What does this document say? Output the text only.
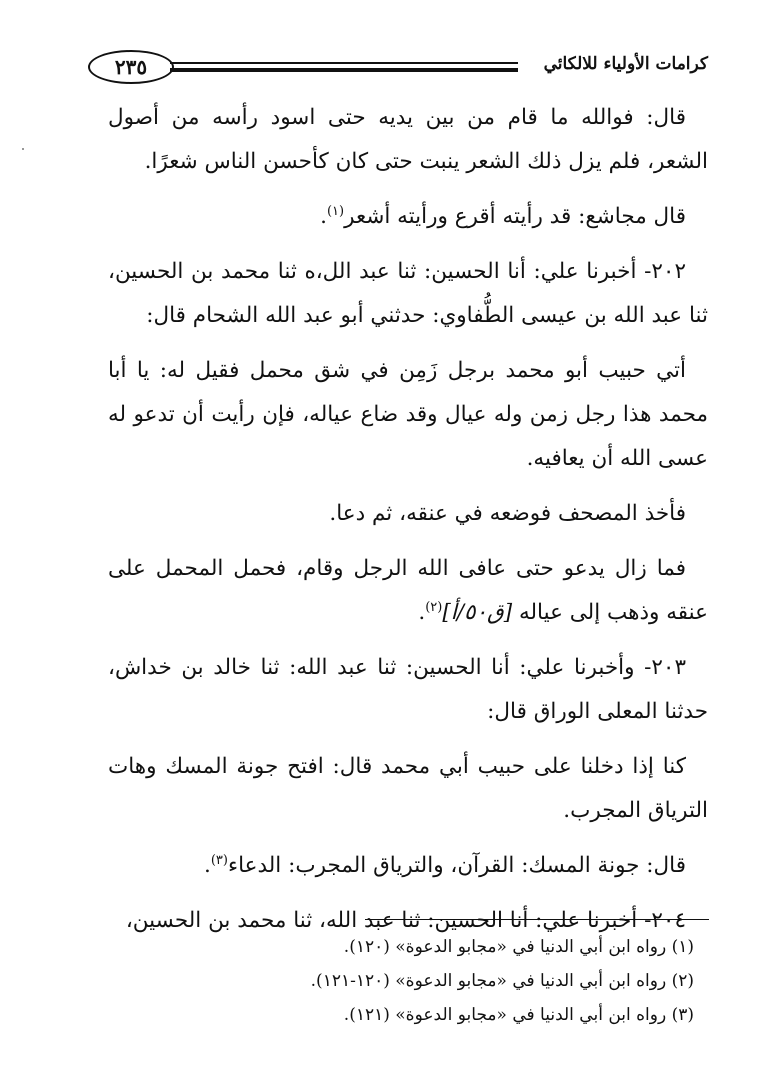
٢٣٥	كرامات الأولياء للالكائي

قال: فوالله ما قام من بين يديه حتى اسود رأسه من أصول الشعر، فلم يزل ذلك الشعر ينبت حتى كان كأحسن الناس شعرًا.

قال مجاشع: قد رأيته أقرع ورأيته أشعر$^{(١)}$.

٢٠٢- أخبرنا علي: أنا الحسين: ثنا عبد الل،ه ثنا محمد بن الحسين، ثنا عبد الله بن عيسى الطُّفاوي: حدثني أبو عبد الله الشحام قال:

أتي حبيب أبو محمد برجل زَمِن في شق محمل فقيل له: يا أبا محمد هذا رجل زمن وله عيال وقد ضاع عياله، فإن رأيت أن تدعو له عسى الله أن يعافيه.

فأخذ المصحف فوضعه في عنقه، ثم دعا.

فما زال يدعو حتى عافى الله الرجل وقام، فحمل المحمل على عنقه وذهب إلى عياله [ق٥٠/أ]$^{(٢)}$.

٢٠٣- وأخبرنا علي: أنا الحسين: ثنا عبد الله: ثنا خالد بن خداش، حدثنا المعلى الوراق قال:

كنا إذا دخلنا على حبيب أبي محمد قال: افتح جونة المسك وهات الترياق المجرب.

قال: جونة المسك: القرآن، والترياق المجرب: الدعاء$^{(٣)}$.

٢٠٤- أخبرنا علي: أنا الحسين: ثنا عبد الله، ثنا محمد بن الحسين،

(١) رواه ابن أبي الدنيا في «مجابو الدعوة» (١٢٠).

(٢) رواه ابن أبي الدنيا في «مجابو الدعوة» (١٢٠-١٢١).

(٣) رواه ابن أبي الدنيا في «مجابو الدعوة» (١٢١).
